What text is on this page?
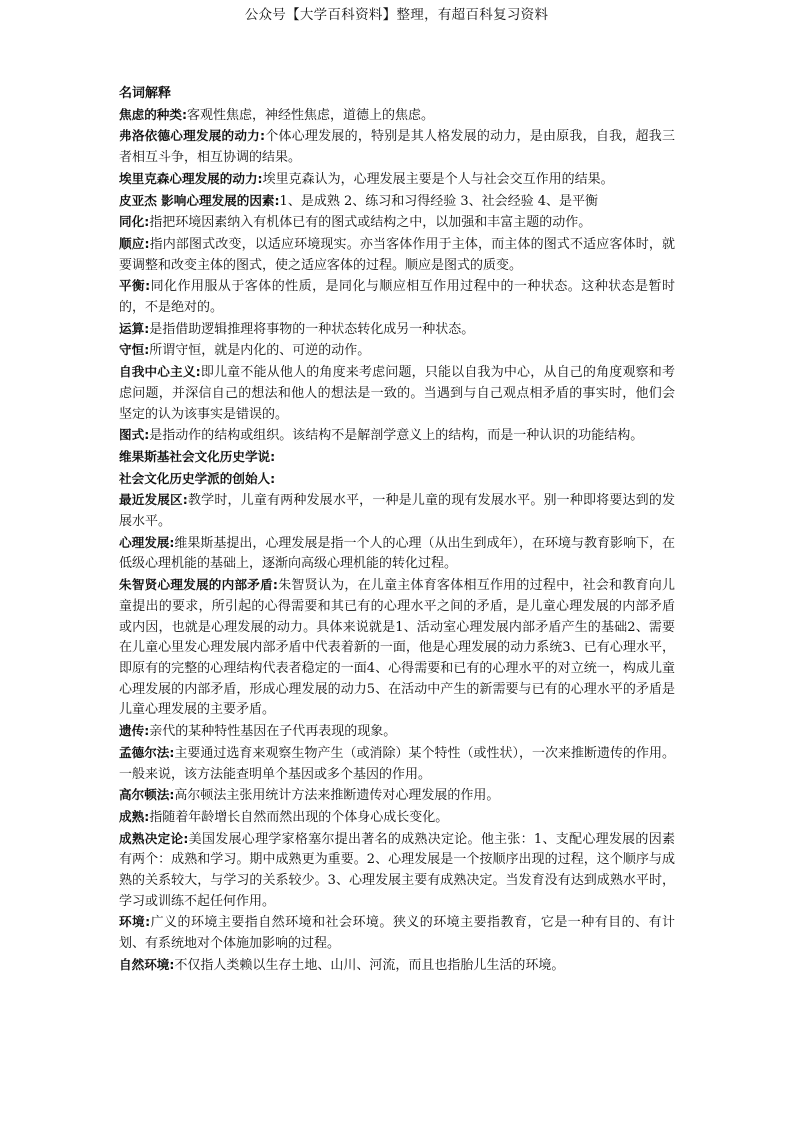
公众号【大学百科资料】整理，有超百科复习资料

名词解释

焦虑的种类:客观性焦虑，神经性焦虑，道德上的焦虑。

弗洛依德心理发展的动力:个体心理发展的，特别是其人格发展的动力，是由原我，自我，超我三者相互斗争，相互协调的结果。

埃里克森心理发展的动力:埃里克森认为，心理发展主要是个人与社会交互作用的结果。

皮亚杰 影响心理发展的因素:1、是成熟 2、练习和习得经验 3、社会经验 4、是平衡

同化:指把环境因素纳入有机体已有的图式或结构之中，以加强和丰富主题的动作。

顺应:指内部图式改变，以适应环境现实。亦当客体作用于主体，而主体的图式不适应客体时，就要调整和改变主体的图式，使之适应客体的过程。顺应是图式的质变。

平衡:同化作用服从于客体的性质，是同化与顺应相互作用过程中的一种状态。这种状态是暂时的，不是绝对的。

运算:是指借助逻辑推理将事物的一种状态转化成另一种状态。

守恒:所谓守恒，就是内化的、可逆的动作。

自我中心主义:即儿童不能从他人的角度来考虑问题，只能以自我为中心，从自己的角度观察和考虑问题，并深信自己的想法和他人的想法是一致的。当遇到与自己观点相矛盾的事实时，他们会坚定的认为该事实是错误的。

图式:是指动作的结构或组织。该结构不是解剖学意义上的结构，而是一种认识的功能结构。

维果斯基社会文化历史学说:

社会文化历史学派的创始人:

最近发展区:教学时，儿童有两种发展水平，一种是儿童的现有发展水平。别一种即将要达到的发展水平。

心理发展:维果斯基提出，心理发展是指一个人的心理（从出生到成年），在环境与教育影响下，在低级心理机能的基础上，逐渐向高级心理机能的转化过程。

朱智贤心理发展的内部矛盾:朱智贤认为，在儿童主体育客体相互作用的过程中，社会和教育向儿童提出的要求，所引起的心得需要和其已有的心理水平之间的矛盾，是儿童心理发展的内部矛盾或内因，也就是心理发展的动力。具体来说就是1、活动室心理发展内部矛盾产生的基础2、需要在儿童心里发心理发展内部矛盾中代表着新的一面，他是心理发展的动力系统3、已有心理水平，即原有的完整的心理结构代表者稳定的一面4、心得需要和已有的心理水平的对立统一，构成儿童心理发展的内部矛盾，形成心理发展的动力5、在活动中产生的新需要与已有的心理水平的矛盾是儿童心理发展的主要矛盾。

遗传:亲代的某种特性基因在子代再表现的现象。

孟德尔法:主要通过选育来观察生物产生（或消除）某个特性（或性状），一次来推断遗传的作用。一般来说，该方法能查明单个基因或多个基因的作用。

高尔顿法:高尔顿法主张用统计方法来推断遗传对心理发展的作用。

成熟:指随着年龄增长自然而然出现的个体身心成长变化。

成熟决定论:美国发展心理学家格塞尔提出著名的成熟决定论。他主张：1、支配心理发展的因素有两个：成熟和学习。期中成熟更为重要。2、心理发展是一个按顺序出现的过程，这个顺序与成熟的关系较大，与学习的关系较少。3、心理发展主要有成熟决定。当发育没有达到成熟水平时，学习或训练不起任何作用。

环境:广义的环境主要指自然环境和社会环境。狭义的环境主要指教育，它是一种有目的、有计划、有系统地对个体施加影响的过程。

自然环境:不仅指人类赖以生存土地、山川、河流，而且也指胎儿生活的环境。
